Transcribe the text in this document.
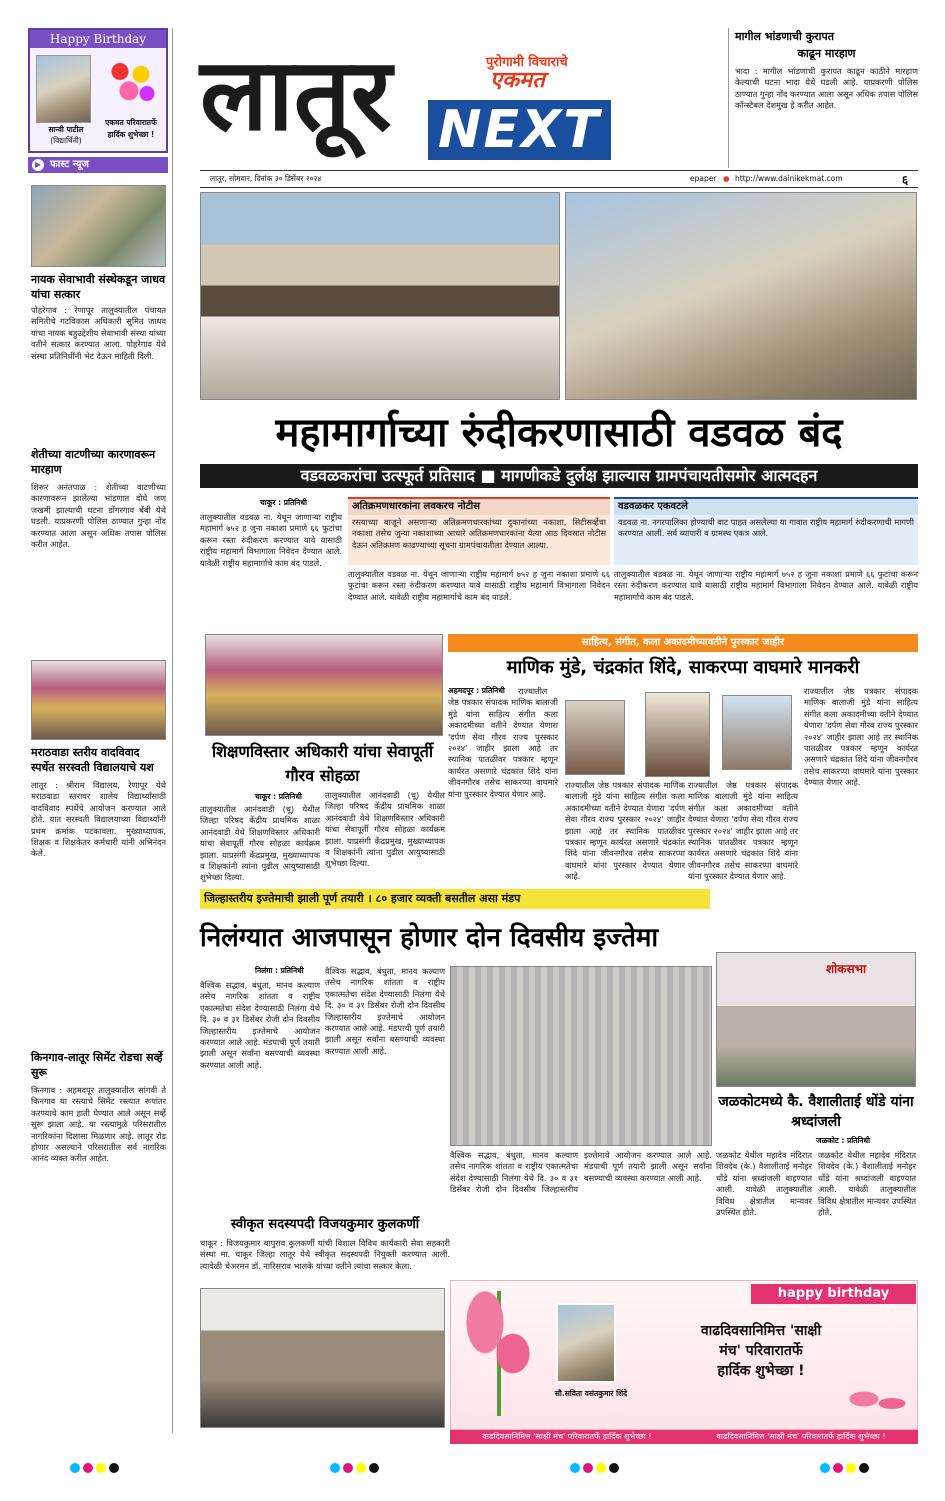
Happy Birthday
सान्वी पाटील
(विद्यार्थिनी)
एकमत परिवारातर्फे
हार्दिक शुभेच्छा !
▶ फास्ट न्यूज
नायक सेवाभावी संस्थेकडून जाधव यांचा सत्कार
पोहरेगाव : रेणापूर तालुक्यातील पंचायत समितीचे गटविकास अधिकारी सुमित जाधव यांचा नायक बहुउद्देशीय सेवाभावी संस्था यांच्या वतीने सत्कार करण्यात आला. पोहरेगाव येथे संस्था प्रतिनिधींनी भेट देऊन माहिती दिली.
शेतीच्या वाटणीच्या कारणावरून मारहाण
शिरूर अनंतपाळ : शेतीच्या वाटणीच्या कारणावरून झालेल्या भांडणात दोघे जण जखमी झाल्याची घटना डोंगरगाव बेंबी येथे घडली. याप्रकरणी पोलिस ठाण्यात गुन्हा नोंद करण्यात आला असून अधिक तपास पोलिस करीत आहेत.
मराठवाडा स्तरीय वादविवाद स्पर्धेत सरस्वती विद्यालयाचे यश
लातूर : श्रीराम विद्यालय, रेणापूर येथे मराठवाडा स्तरावर शालेय विद्यार्थ्यांसाठी वादविवाद स्पर्धेचे आयोजन करण्यात आले होते. यात सरस्वती विद्यालयाच्या विद्यार्थ्यांनी प्रथम क्रमांक पटकावला. मुख्याध्यापक, शिक्षक व शिक्षकेतर कर्मचारी यांनी अभिनंदन केले.
किनगाव-लातूर सिमेंट रोडचा सर्व्हे सुरू
किनगाव : अहमदपूर तालुक्यातील सांगवी ते किनगाव या रस्त्याचे सिमेंट रस्त्यात रूपांतर करण्याचे काम हाती घेण्यात आले असून सर्व्हे सुरू झाला आहे. या रस्त्यामुळे परिसरातील नागरिकांना दिलासा मिळणार आहे. लातूर रोड होणार असल्याने परिसरातील सर्व नागरिक आनंद व्यक्त करीत आहेत.
लातूर NEXT
पुरोगामी विचाराचे
एकमत
मागील भांडणाची कुरापत
काढून मारहाण
भादा : मागील भांडणाची कुरापत काढून काठीने मारहाण केल्याची घटना भादा येथे घडली आहे. याप्रकरणी पोलिस ठाण्यात गुन्हा नोंद करण्यात आला असून अधिक तपास पोलिस कॉन्स्टेबल देशमुख हे करीत आहेत.
लातूर, सोमवार, दिनांक ३० डिसेंबर २०२४	epaper ● http://www.dainikekmat.com	६
महामार्गाच्या रुंदीकरणासाठी वडवळ बंद
वडवळकरांचा उत्स्फूर्त प्रतिसाद ■ मागणीकडे दुर्लक्ष झाल्यास ग्रामपंचायतीसमोर आत्मदहन
चाकूर : प्रतिनिधी
तालुक्यातील वडवळ ना. येथून जाणाऱ्या राष्ट्रीय महामार्ग ७५२ ह जुना नकाशा प्रमाणे ६६ फुटांचा करून रस्ता रुंदीकरण करण्यात यावे यासाठी राष्ट्रीय महामार्ग विभागाला निवेदन देण्यात आले. यावेळी राष्ट्रीय महामार्गाचे काम बंद पाडले.
अतिक्रमणधारकांना लवकरच नोटीस
रस्त्याच्या बाजूने असणाऱ्या अतिक्रमणधारकांच्या दुकानांच्या नकाशा, सिटीसर्व्हेचा नकाशा तसेच जुन्या नकाशाच्या आधारे अतिक्रमणधारकांना येत्या आठ दिवसात नोटीस देऊन अतिक्रमण काढण्याच्या सूचना ग्रामपंचायतीला देण्यात आल्या.
तालुक्यातील वडवळ ना. येथून जाणाऱ्या राष्ट्रीय महामार्ग ७५२ ह जुना नकाशा प्रमाणे ६६ फुटांचा करून रस्ता रुंदीकरण करण्यात यावे यासाठी राष्ट्रीय महामार्ग विभागाला निवेदन देण्यात आले. यावेळी राष्ट्रीय महामार्गाचे काम बंद पाडले.
वडवळकर एकवटले
वडवळ ना. नगरपालिका होण्याची वाट पाहत असलेल्या या गावात राष्ट्रीय महामार्ग रुंदीकरणाची मागणी करण्यात आली. सर्व व्यापारी व ग्रामस्थ एकत्र आले.
तालुक्यातील वडवळ ना. येथून जाणाऱ्या राष्ट्रीय महामार्ग ७५२ ह जुना नकाशा प्रमाणे ६६ फुटांचा करून रस्ता रुंदीकरण करण्यात यावे यासाठी राष्ट्रीय महामार्ग विभागाला निवेदन देण्यात आले. यावेळी राष्ट्रीय महामार्गाचे काम बंद पाडले.
साहित्य, संगीत, कला अकादमीच्यावतीने पुरस्कार जाहीर
माणिक मुंडे, चंद्रकांत शिंदे, साकरप्पा वाघमारे मानकरी
अहमदपूर : प्रतिनिधी	राज्यातील जेष्ठ पत्रकार संपादक माणिक बालाजी मुंडे यांना साहित्य संगीत कला अकादमीच्या वतीने देण्यात येणारा 'दर्पण सेवा गौरव राज्य पुरस्कार २०२४' जाहीर झाला आहे तर स्थानिक पातळीवर पत्रकार म्हणून कार्यरत असणारे चंद्रकांत शिंदे यांना जीवनगौरव तसेच साकरप्पा वाघमारे यांना पुरस्कार देण्यात येणार आहे.
राज्यातील जेष्ठ पत्रकार संपादक माणिक बालाजी मुंडे यांना साहित्य संगीत कला अकादमीच्या वतीने देण्यात येणारा 'दर्पण सेवा गौरव राज्य पुरस्कार २०२४' जाहीर झाला आहे तर स्थानिक पातळीवर पत्रकार म्हणून कार्यरत असणारे चंद्रकांत शिंदे यांना जीवनगौरव तसेच साकरप्पा वाघमारे यांना पुरस्कार देण्यात येणार आहे.
राज्यातील जेष्ठ पत्रकार संपादक माणिक बालाजी मुंडे यांना साहित्य संगीत कला अकादमीच्या वतीने देण्यात येणारा 'दर्पण सेवा गौरव राज्य पुरस्कार २०२४' जाहीर झाला आहे तर स्थानिक पातळीवर पत्रकार म्हणून कार्यरत असणारे चंद्रकांत शिंदे यांना जीवनगौरव तसेच साकरप्पा वाघमारे यांना पुरस्कार देण्यात येणार आहे.
राज्यातील जेष्ठ पत्रकार संपादक माणिक बालाजी मुंडे यांना साहित्य संगीत कला अकादमीच्या वतीने देण्यात येणारा 'दर्पण सेवा गौरव राज्य पुरस्कार २०२४' जाहीर झाला आहे तर स्थानिक पातळीवर पत्रकार म्हणून कार्यरत असणारे चंद्रकांत शिंदे यांना जीवनगौरव तसेच साकरप्पा वाघमारे यांना पुरस्कार देण्यात येणार आहे.
शिक्षणविस्तार अधिकारी यांचा सेवापूर्ती गौरव सोहळा
चाकूर : प्रतिनिधी
तालुक्यातील आनंदवाडी (चू) येथील जिल्हा परिषद केंद्रीय प्राथमिक शाळा आनंदवाडी येथे शिक्षणविस्तार अधिकारी यांचा सेवापूर्ती गौरव सोहळा कार्यक्रम झाला. याप्रसंगी केंद्रप्रमुख, मुख्याध्यापक व शिक्षकांनी त्यांना पुढील आयुष्यासाठी शुभेच्छा दिल्या.
तालुक्यातील आनंदवाडी (चू) येथील जिल्हा परिषद केंद्रीय प्राथमिक शाळा आनंदवाडी येथे शिक्षणविस्तार अधिकारी यांचा सेवापूर्ती गौरव सोहळा कार्यक्रम झाला. याप्रसंगी केंद्रप्रमुख, मुख्याध्यापक व शिक्षकांनी त्यांना पुढील आयुष्यासाठी शुभेच्छा दिल्या.
जिल्हास्तरीय इज्तेमाची झाली पूर्ण तयारी । ८० हजार व्यक्ती बसतील असा मंडप
निलंग्यात आजपासून होणार दोन दिवसीय इज्तेमा
निलंगा : प्रतिनिधी
वैश्विक सद्भाव, बंधुता, मानव कल्याण तसेच नागरिक शांतता व राष्ट्रीय एकात्मतेचा संदेश देण्यासाठी निलंगा येथे दि. ३० व ३१ डिसेंबर रोजी दोन दिवसीय जिल्हास्तरीय इज्तेमाचे आयोजन करण्यात आले आहे. मंडपाची पूर्ण तयारी झाली असून सर्वांना बसण्याची व्यवस्था करण्यात आली आहे.
वैश्विक सद्भाव, बंधुता, मानव कल्याण तसेच नागरिक शांतता व राष्ट्रीय एकात्मतेचा संदेश देण्यासाठी निलंगा येथे दि. ३० व ३१ डिसेंबर रोजी दोन दिवसीय जिल्हास्तरीय इज्तेमाचे आयोजन करण्यात आले आहे. मंडपाची पूर्ण तयारी झाली असून सर्वांना बसण्याची व्यवस्था करण्यात आली आहे.
वैश्विक सद्भाव, बंधुता, मानव कल्याण तसेच नागरिक शांतता व राष्ट्रीय एकात्मतेचा संदेश देण्यासाठी निलंगा येथे दि. ३० व ३१ डिसेंबर रोजी दोन दिवसीय जिल्हास्तरीय इज्तेमाचे आयोजन करण्यात आले आहे. मंडपाची पूर्ण तयारी झाली असून सर्वांना बसण्याची व्यवस्था करण्यात आली आहे.
शोकसभा
जळकोटमध्ये कै. वैशालीताई धोंडे यांना श्रध्दांजली
जळकोट : प्रतिनिधी
जळकोट येथील महादेव मंदिरात शिवदेव (के.) वैशालीताई मनोहर धोंडे यांना श्रध्दांजली वाहण्यात आली. यावेळी तालुक्यातील विविध क्षेत्रातील मान्यवर उपस्थित होते.
जळकोट येथील महादेव मंदिरात शिवदेव (के.) वैशालीताई मनोहर धोंडे यांना श्रध्दांजली वाहण्यात आली. यावेळी तालुक्यातील विविध क्षेत्रातील मान्यवर उपस्थित होते.
स्वीकृत सदस्यपदी विजयकुमार कुलकर्णी
चाकूर : विजयकुमार बापुराव कुलकर्णी यांची विशाल विविध कार्यकारी सेवा सहकारी संस्था मा. चाकूर जिल्हा लातूर येथे स्वीकृत सदस्यपदी नियुक्ती करण्यात आली. त्यावेळी चेअरमन डॉ. नारिसराव भालके यांच्या वतीने त्यांचा सत्कार केला.
happy birthday
सौ.सविता वसंतकुमार शिंदे
वाढदिवसानिमित्त 'साक्षी
मंच' परिवारातर्फे
हार्दिक शुभेच्छा !
वाढदिवसानिमित्त 'साक्षी मंच' परिवारातर्फे हार्दिक शुभेच्छा !	वाढदिवसानिमित्त 'साक्षी मंच' परिवारातर्फे हार्दिक शुभेच्छा !
